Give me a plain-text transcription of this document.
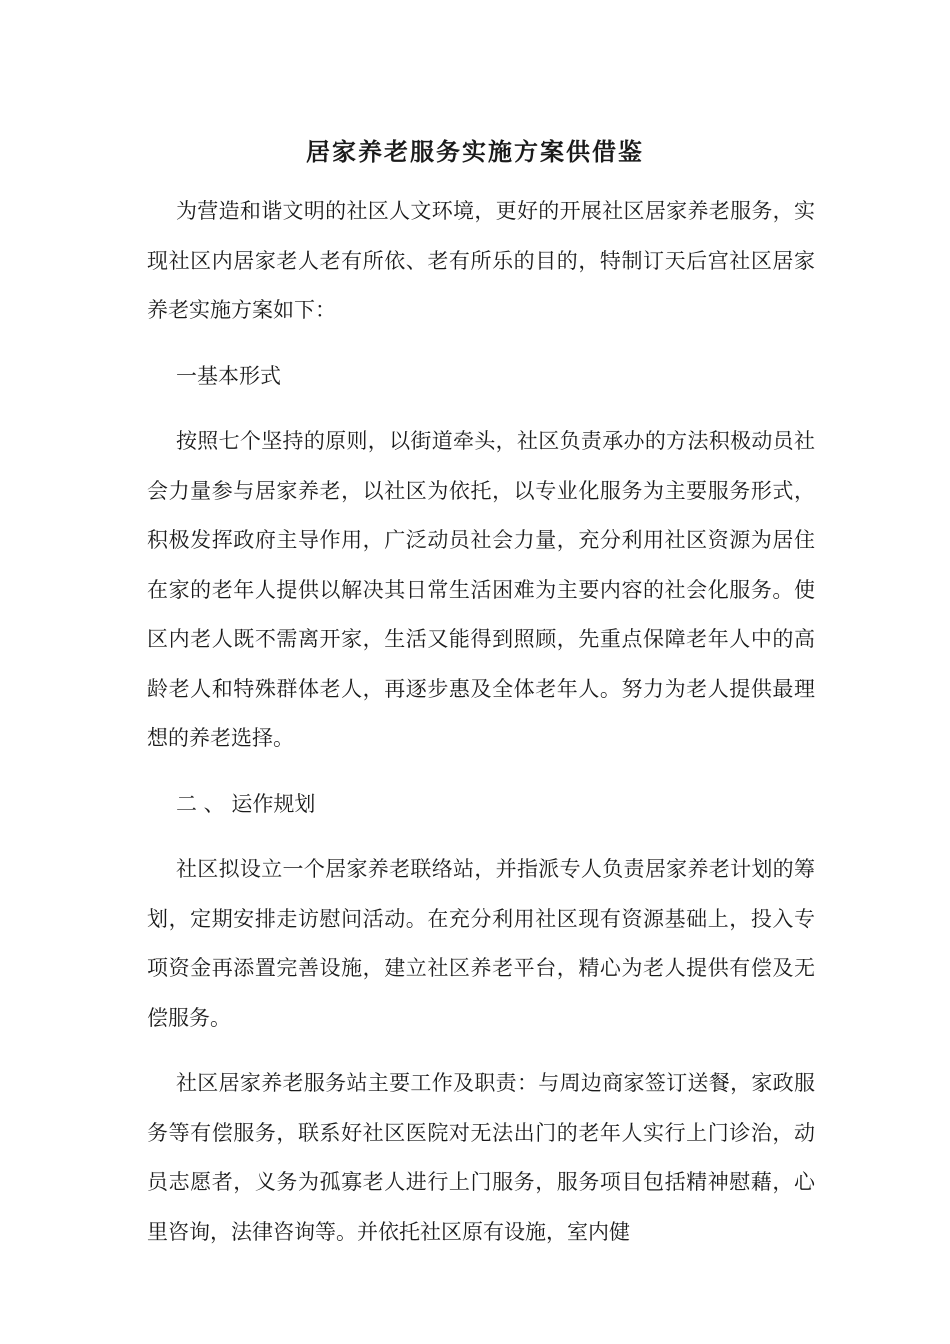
居家养老服务实施方案供借鉴

为营造和谐文明的社区人文环境，更好的开展社区居家养老服务，实现社区内居家老人老有所依、老有所乐的目的，特制订天后宫社区居家养老实施方案如下：

一基本形式

按照七个坚持的原则，以街道牵头，社区负责承办的方法积极动员社会力量参与居家养老，以社区为依托，以专业化服务为主要服务形式，积极发挥政府主导作用，广泛动员社会力量，充分利用社区资源为居住在家的老年人提供以解决其日常生活困难为主要内容的社会化服务。使区内老人既不需离开家，生活又能得到照顾，先重点保障老年人中的高龄老人和特殊群体老人，再逐步惠及全体老年人。努力为老人提供最理想的养老选择。

二 、 运作规划

社区拟设立一个居家养老联络站，并指派专人负责居家养老计划的筹划，定期安排走访慰问活动。在充分利用社区现有资源基础上，投入专项资金再添置完善设施，建立社区养老平台，精心为老人提供有偿及无偿服务。

社区居家养老服务站主要工作及职责：与周边商家签订送餐，家政服务等有偿服务，联系好社区医院对无法出门的老年人实行上门诊治，动员志愿者，义务为孤寡老人进行上门服务，服务项目包括精神慰藉，心里咨询，法律咨询等。并依托社区原有设施，室内健
